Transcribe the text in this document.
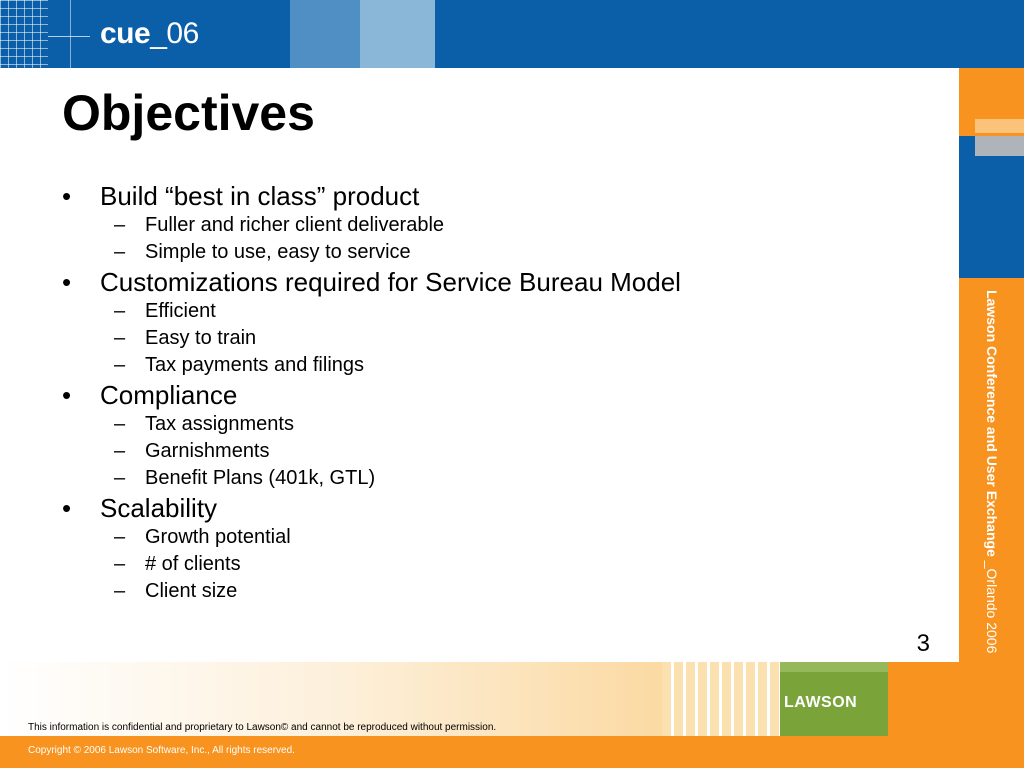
cue_06
Lawson Conference and User Exchange _Orlando 2006
LAWSON
This information is confidential and proprietary to Lawson© and cannot be reproduced without permission.
Copyright © 2006 Lawson Software, Inc., All rights reserved.
Objectives
•	Build “best in class” product
– Fuller and richer client deliverable
– Simple to use, easy to service
•	Customizations required for Service Bureau Model
– Efficient
– Easy to train
– Tax payments and filings
•	Compliance
– Tax assignments
– Garnishments
– Benefit Plans (401k, GTL)
•	Scalability
– Growth potential
– # of clients
– Client size
3
